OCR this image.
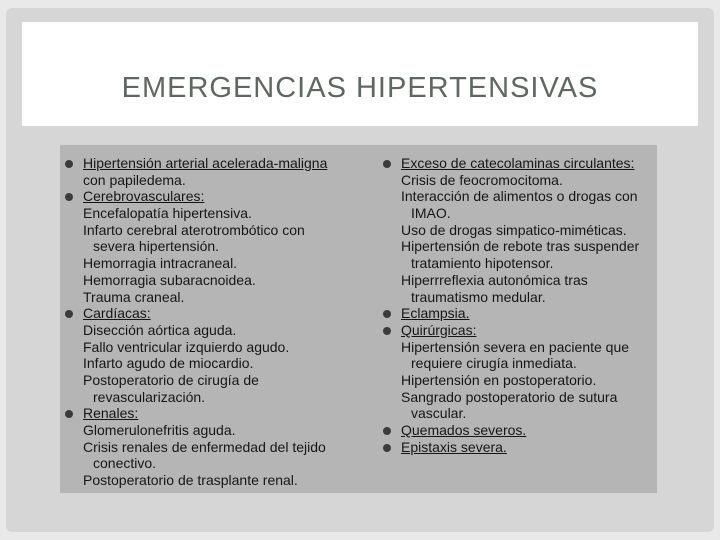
EMERGENCIAS HIPERTENSIVAS
Hipertensión arterial acelerada-maligna
con papiledema.
Cerebrovasculares:
Encefalopatía hipertensiva.
Infarto cerebral aterotrombótico con
severa hipertensión.
Hemorragia intracraneal.
Hemorragia subaracnoidea.
Trauma craneal.
Cardíacas:
Disección aórtica aguda.
Fallo ventricular izquierdo agudo.
Infarto agudo de miocardio.
Postoperatorio de cirugía de
revascularización.
Renales:
Glomerulonefritis aguda.
Crisis renales de enfermedad del tejido
conectivo.
Postoperatorio de trasplante renal.
Exceso de catecolaminas circulantes:
Crisis de feocromocitoma.
Interacción de alimentos o drogas con
IMAO.
Uso de drogas simpatico-miméticas.
Hipertensión de rebote tras suspender
tratamiento hipotensor.
Hiperrreflexia autonómica tras
traumatismo medular.
Eclampsia.
Quirúrgicas:
Hipertensión severa en paciente que
requiere cirugía inmediata.
Hipertensión en postoperatorio.
Sangrado postoperatorio de sutura
vascular.
Quemados severos.
Epistaxis severa.
